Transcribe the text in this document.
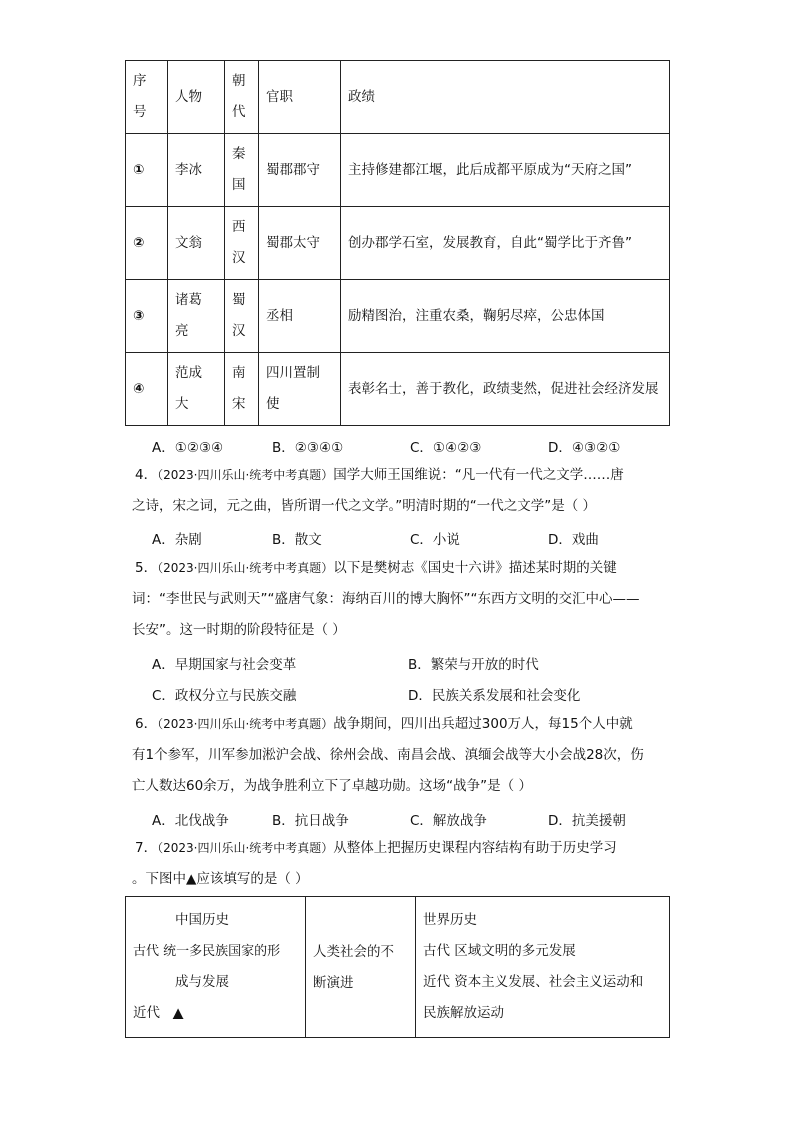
序号	人物	朝代	官职	政绩
①	李冰	秦国	蜀郡郡守	主持修建都江堰，此后成都平原成为“天府之国”
②	文翁	西汉	蜀郡太守	创办郡学石室，发展教育，自此“蜀学比于齐鲁”
③	诸葛亮	蜀汉	丞相	励精图治，注重农桑，鞠躬尽瘁，公忠体国
④	范成大	南宋	四川置制使	表彰名士，善于教化，政绩斐然，促进社会经济发展
A．①②③④	B．②③④①	C．①④②③	D．④③②①

4．（2023·四川乐山·统考中考真题）国学大师王国维说：“凡一代有一代之文学……唐

之诗，宋之词，元之曲，皆所谓一代之文学。”明清时期的“一代之文学”是（ ）

A．杂剧	B．散文	C．小说	D．戏曲

5．（2023·四川乐山·统考中考真题）以下是樊树志《国史十六讲》描述某时期的关键

词：“李世民与武则天”“盛唐气象：海纳百川的博大胸怀”“东西方文明的交汇中心——

长安”。这一时期的阶段特征是（ ）

A．早期国家与社会变革	B．繁荣与开放的时代
C．政权分立与民族交融	D．民族关系发展和社会变化

6．（2023·四川乐山·统考中考真题）战争期间，四川出兵超过300万人，每15个人中就

有1个参军，川军参加淞沪会战、徐州会战、南昌会战、滇缅会战等大小会战28次，伤

亡人数达60余万，为战争胜利立下了卓越功勋。这场“战争”是（ ）

A．北伐战争	B．抗日战争	C．解放战争	D．抗美援朝

7．（2023·四川乐山·统考中考真题）从整体上把握历史课程内容结构有助于历史学习

。下图中▲应该填写的是（ ）

中国历史
古代 统一多民族国家的形
成与发展
近代 ▲

人类社会的不
断演进

世界历史
古代 区域文明的多元发展
近代 资本主义发展、社会主义运动和
民族解放运动
